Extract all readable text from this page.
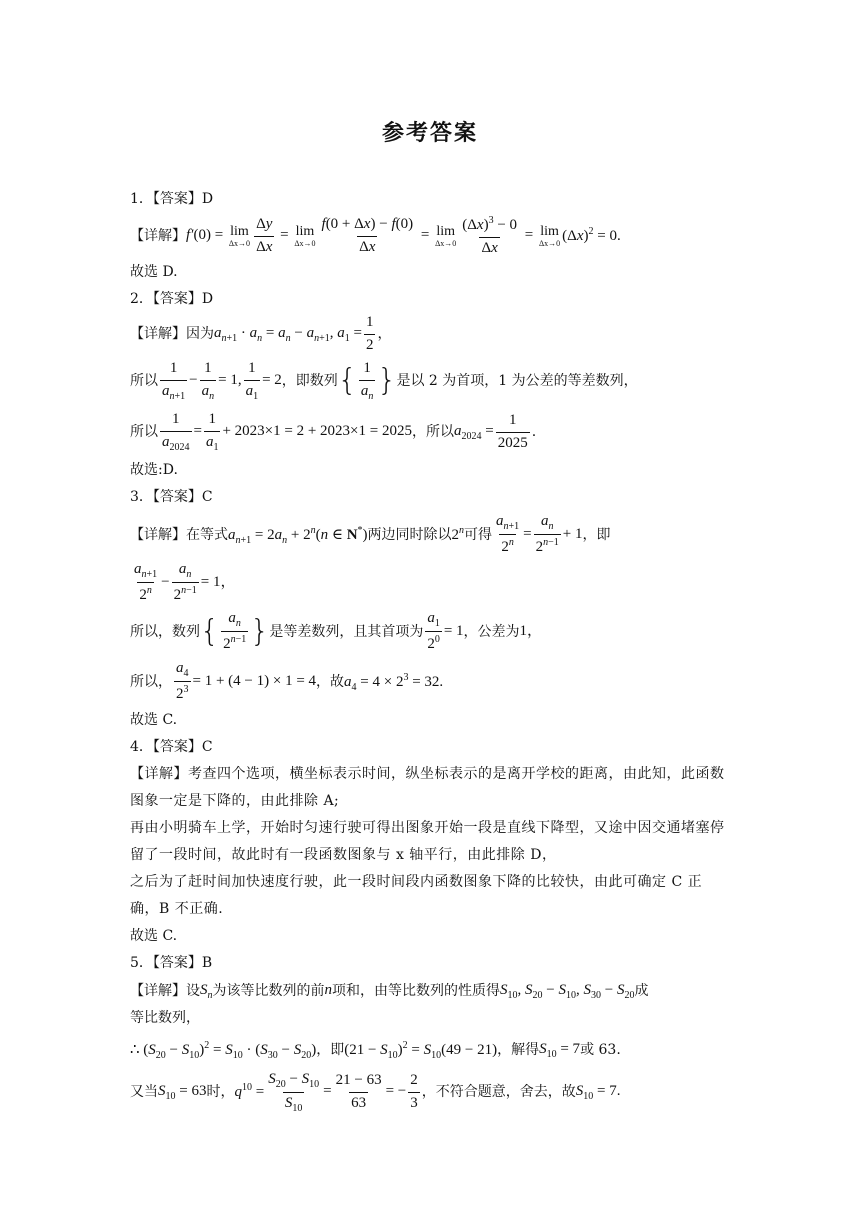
参考答案
1．【答案】D
【详解】 f′ (0) = lim
$\Delta x\to 0 \frac{\Delta y}{\Delta x} = \lim$
$\Delta x\to 0 \frac{f(0 + \Delta x) - f(0)}{\Delta x} = \lim$
$\Delta x\to 0 \frac{(\Delta x)^3 - 0}{\Delta x} = \lim$
Δx→0 $(\Delta x)^2 = 0$.
故选 D.
2．【答案】D
【详解】因为 $a_{n+1} \cdot a_n = a_n - a_{n+1}$, $a_1 = \frac{1}{2}$ ，
所以 $\frac{1}{a_{n+1}} - \frac{1}{a_n} = 1$, $\frac{1}{a_1} = 2$ ，即数列 { $\frac{1}{a_n}$ } 是以 2 为首项，1 为公差的等差数列，
所以 $\frac{1}{a_{2024}} = \frac{1}{a_1} + 2023\times 1 = 2 + 2023\times 1 = 2025$ ，所以 $a_{2024} = \frac{1}{2025}$ .
故选:D.
3．【答案】C
【详解】在等式 $a_{n+1} = 2a_n + 2^n(n$ ∈ N*) 两边同时除以 2$^n$ 可得 $\frac{a_{n+1}}{2^n} = \frac{a_n}{2^{n-1}} + 1$ ，即
$\frac{a_{n+1}}{2^n} - \frac{a_n}{2^{n-1}} = 1$，
所以，数列 { $\frac{a_n}{2^{n-1}}$ } 是等差数列，且其首项为 $\frac{a_1}{2^0} = 1$ ，公差为 1，
所以， $\frac{a_4}{2^3} = 1 + (4 - 1) \times 1 = 4$ ，故 $a_4 = 4 \times 2^3 = 32$.
故选 C.
4．【答案】C
【详解】考查四个选项，横坐标表示时间，纵坐标表示的是离开学校的距离，由此知，此函数图象一定是下降的，由此排除 A;
再由小明骑车上学，开始时匀速行驶可得出图象开始一段是直线下降型，又途中因交通堵塞停留了一段时间，故此时有一段函数图象与 x 轴平行，由此排除 D，
之后为了赶时间加快速度行驶，此一段时间段内函数图象下降的比较快，由此可确定 C 正确，B 不正确.
故选 C.
5．【答案】B
【详解】设 $S_n$ 为该等比数列的前 n 项和，由等比数列的性质得 $S_{10}$, $S_{20} - S_{10}$, $S_{30} - S_{20}$ 成
等比数列，
∴ $(S_{20} - S_{10})^2 = S_{10} \cdot (S_{30} - S_{20})$ ，即 $(21 - S_{10})^2 = S_{10}(49 - 21)$ ，解得 $S_{10} = 7$ 或 63.
又当 $S_{10} = 63$ 时， $q^{10} = \frac{S_{20} - S_{10}}{S_{10}} = \frac{21 - 63}{63}$ = − $\frac{2}{3}$ ，不符合题意，舍去，故 $S_{10} = 7$.
